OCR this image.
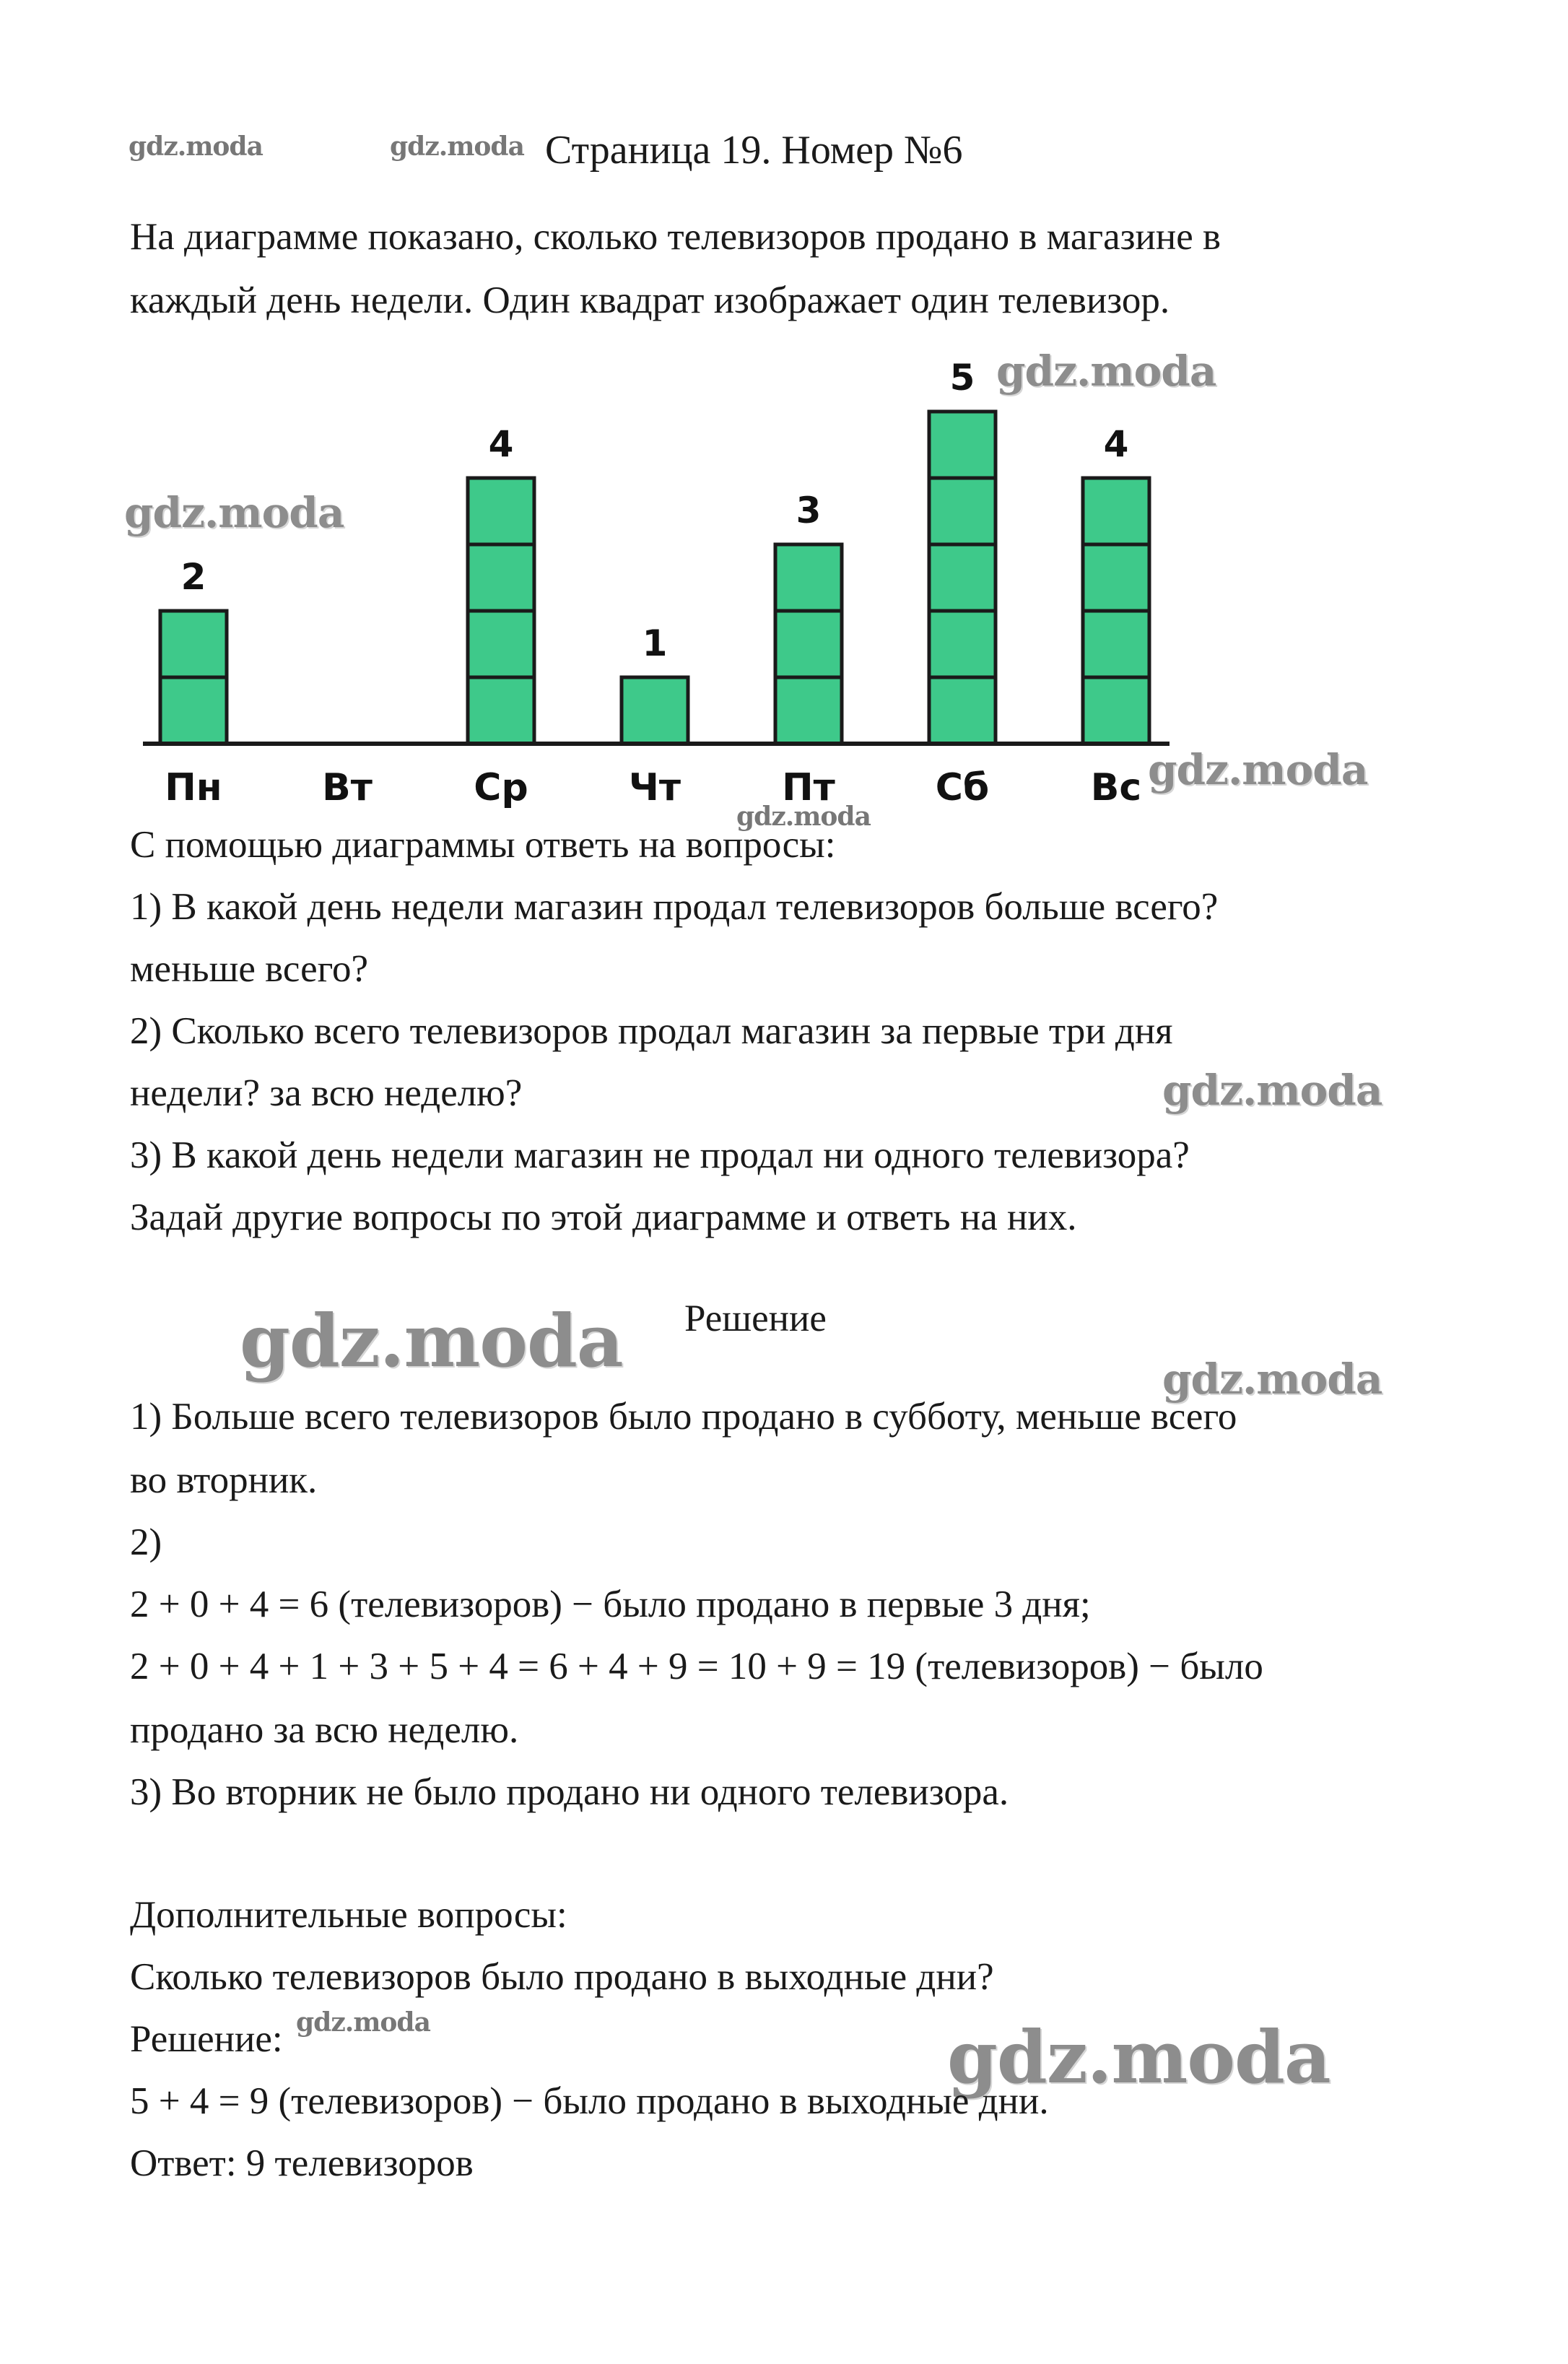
gdz.moda	gdz.moda
gdz.moda
gdz.moda
gdz.moda
gdz.moda
gdz.moda
gdz.moda	gdz.moda
gdz.moda	gdz.moda
Страница 19. Номер №6

На диаграмме показано, сколько телевизоров продано в магазине в

каждый день недели. Один квадрат изображает один телевизор.

2
Пн	Вт
4
Ср
1
Чт
3
Пт
5
Сб
4
Вс

С помощью диаграммы ответь на вопросы:

1) В какой день недели магазин продал телевизоров больше всего?

меньше всего?

2) Сколько всего телевизоров продал магазин за первые три дня

недели? за всю неделю?

3) В какой день недели магазин не продал ни одного телевизора?

Задай другие вопросы по этой диаграмме и ответь на них.

Решение

1) Больше всего телевизоров было продано в субботу, меньше всего

во вторник.

2)

2 + 0 + 4 = 6 (телевизоров) − было продано в первые 3 дня;

2 + 0 + 4 + 1 + 3 + 5 + 4 = 6 + 4 + 9 = 10 + 9 = 19 (телевизоров) − было

продано за всю неделю.

3) Во вторник не было продано ни одного телевизора.

Дополнительные вопросы:

Сколько телевизоров было продано в выходные дни?

Решение:

5 + 4 = 9 (телевизоров) − было продано в выходные дни.

Ответ: 9 телевизоров
